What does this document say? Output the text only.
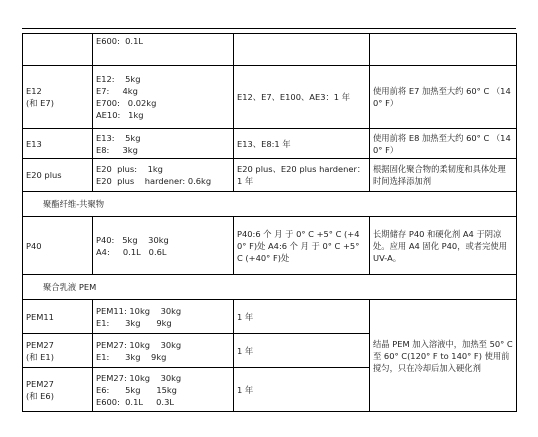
	E600:  0.1L		

E12
(和 E7)	E12:    5kg
E7:     4kg
E700:   0.02kg
AE10:   1kg	E12、E7、E100、AE3：1 年	使用前将 E7 加热至大约 60° C （140° F）

E13	E13:    5kg
E8:     3kg	E13、E8:1 年	使用前将 E8 加热至大约 60° C （140° F）

E20 plus	E20  plus:    1kg
E20  plus    hardener: 0.6kg	E20 plus、E20 plus hardener：1 年	根据固化聚合物的柔韧度和具体处理时间选择添加剂

聚酯纤维-共聚物			

P40	P40:   5kg    30kg
A4:     0.1L   0.6L	P40:6 个 月 于 0° C +5° C (+40° F)处 A4:6 个 月 于 0° C +5° C (+40° F)处	长期储存 P40 和硬化剂 A4 于阴凉处。应用 A4 固化 P40，或者完使用 UV-A。

聚合乳液 PEM			

PEM11	PEM11: 10kg    30kg
E1:      3kg      9kg	1 年	结晶 PEM 加入溶液中，加热至 50° C 至 60° C(120° F to 140° F) 使用前搅匀，只在冷却后加入硬化剂

PEM27
(和 E1)	PEM27: 10kg    30kg
E1:      3kg    9kg	1 年	

PEM27
(和 E6)	PEM27: 10kg    30kg
E6:      5kg      15kg
E600:  0.1L     0.3L	1 年	
